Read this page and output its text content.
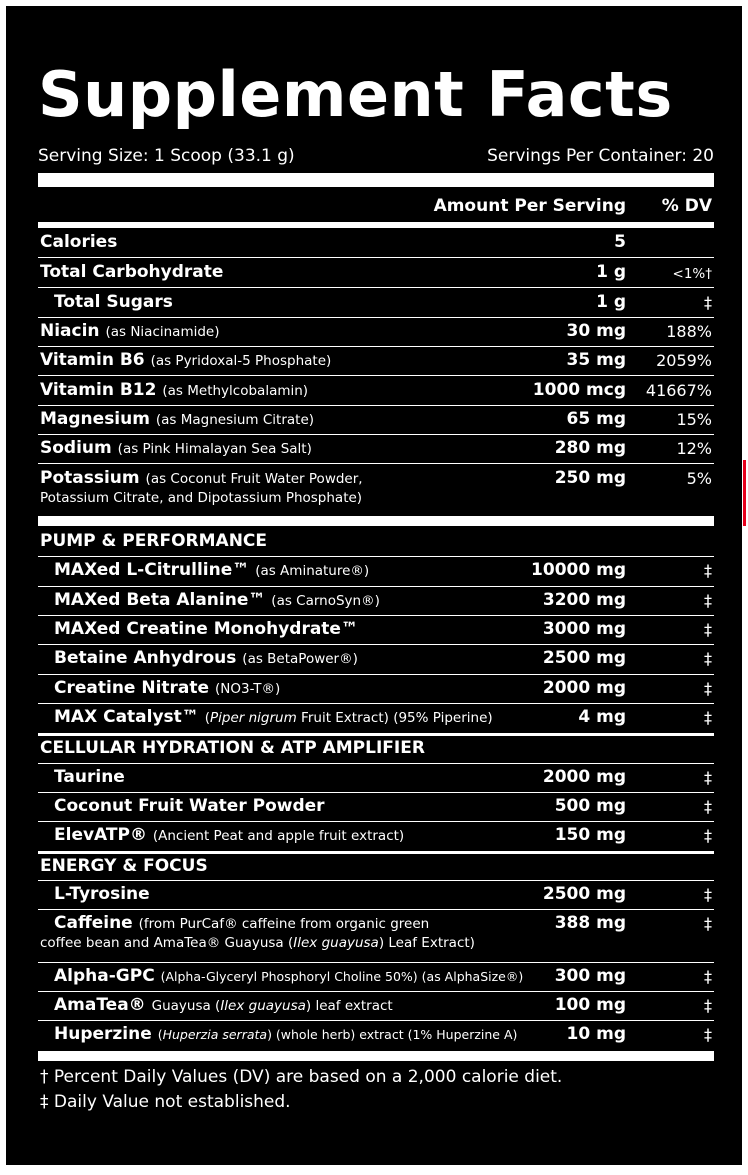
Supplement Facts
Serving Size: 1 Scoop (33.1 g)	Servings Per Container: 20
Amount Per Serving % DV
Calories	5
Total Carbohydrate	1 g	<1%†
Total Sugars	1 g	‡
Niacin (as Niacinamide)	30 mg	188%
Vitamin B6 (as Pyridoxal-5 Phosphate)	35 mg 2059%
Vitamin B12 (as Methylcobalamin)	1000 mcg 41667%
Magnesium (as Magnesium Citrate)	65 mg	15%
Sodium (as Pink Himalayan Sea Salt)	280 mg	12%
Potassium (as Coconut Fruit Water Powder,
Potassium Citrate, and Dipotassium Phosphate)
250 mg	5%
PUMP & PERFORMANCE
MAXed L-Citrulline™ (as Aminature®)	10000 mg	‡
MAXed Beta Alanine™ (as CarnoSyn®)	3200 mg	‡
MAXed Creatine Monohydrate™	3000 mg	‡
Betaine Anhydrous (as BetaPower®)	2500 mg	‡
Creatine Nitrate (NO3-T®)	2000 mg	‡
MAX Catalyst™ (Piper nigrum Fruit Extract) (95% Piperine)	4 mg	‡
CELLULAR HYDRATION & ATP AMPLIFIER
Taurine	2000 mg	‡
Coconut Fruit Water Powder	500 mg	‡
ElevATP® (Ancient Peat and apple fruit extract)	150 mg	‡
ENERGY & FOCUS
L-Tyrosine	2500 mg	‡
Caffeine (from PurCaf® caffeine from organic green
coffee bean and AmaTea® Guayusa (Ilex guayusa) Leaf Extract)
388 mg	‡
Alpha-GPC (Alpha-Glyceryl Phosphoryl Choline 50%) (as AlphaSize®) 300 mg	‡
AmaTea® Guayusa (Ilex guayusa) leaf extract	100 mg	‡
Huperzine (Huperzia serrata) (whole herb) extract (1% Huperzine A)	10 mg	‡
† Percent Daily Values (DV) are based on a 2,000 calorie diet.
‡ Daily Value not established.
